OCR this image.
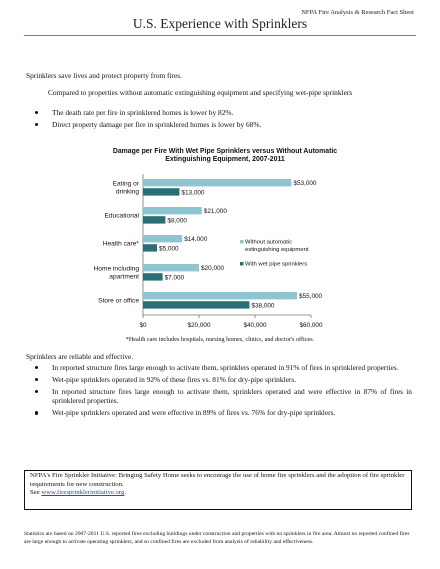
NFPA Fire Analysis & Research Fact Sheet
U.S. Experience with Sprinklers
Sprinklers save lives and protect property from fires.
Compared to properties without automatic extinguishing equipment and specifying wet-pipe sprinklers
The death rate per fire in sprinklered homes is lower by 82%.
Direct property damage per fire in sprinklered homes is lower by 68%.
Damage per Fire With Wet Pipe Sprinklers versus Without Automatic Extinguishing Equipment, 2007-2011
$0	$20,000	$40,000	$60,000
$53,000
$13,000
Eating or
drinking
$21,000
$8,000
Educational
$14,000
$5,000
Health care*
$20,000
$7,000
Home including
apartment
$55,000
$38,000
Store or office
Without automatic
extinguishing equipment
With wet pipe sprinklers
*Health care includes hospitals, nursing homes, clinics, and doctor's offices.
Sprinklers are reliable and effective.
In reported structure fires large enough to activate them, sprinklers operated in 91% of fires in sprinklered properties.
Wet-pipe sprinklers operated in 92% of these fires vs. 81% for dry-pipe sprinklers.
In reported structure fires large enough to activate them, sprinklers operated and were effective in 87% of fires in sprinklered properties.
Wet-pipe sprinklers operated and were effective in 89% of fires vs. 76% for dry-pipe sprinklers.
NFPA's Fire Sprinkler Initiative: Bringing Safety Home seeks to encourage the use of home fire sprinklers and the adoption of fire sprinkler requirements for new construction.
See www.firesprinklerinitiative.org.
Statistics are based on 2007-2011 U.S. reported fires excluding buildings under construction and properties with no sprinklers in fire area. Almost no reported confined fires are large enough to activate operating sprinklers, and so confined fires are excluded from analysis of reliability and effectiveness.
